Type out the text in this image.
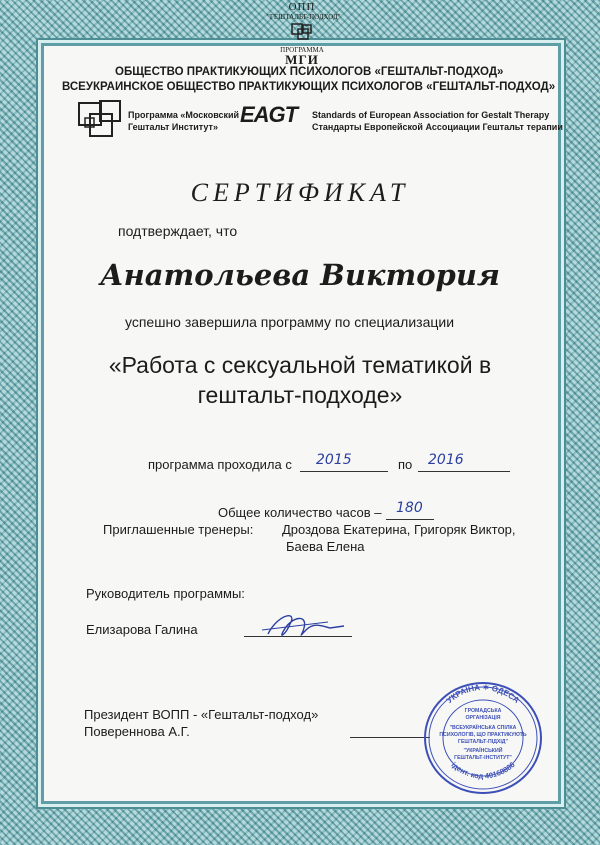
ОПП
"ГЕШТАЛЬТ-ПОДХОД"
ПРОГРАММА
МГИ
ОБЩЕСТВО ПРАКТИКУЮЩИХ ПСИХОЛОГОВ «ГЕШТАЛЬТ-ПОДХОД»
ВСЕУКРАИНСКОЕ ОБЩЕСТВО ПРАКТИКУЮЩИХ ПСИХОЛОГОВ «ГЕШТАЛЬТ-ПОДХОД»
Программа «Московский
Гештальт Институт» EAGT Standards of European Association for Gestalt Therapy
Стандарты Европейской Ассоциации Гештальт терапии
СЕРТИФИКАТ
подтверждает, что
Анатольева Виктория
успешно завершила программу по специализации
«Работа с сексуальной тематикой в
гештальт-подходе»
программа проходила с 2015	по 2016
Общее количество часов – 180
Приглашенные тренеры: Дроздова Екатерина, Григоряк Виктор,
Баева Елена
Руководитель программы:
Елизарова Галина
Президент ВОПП - «Гештальт-подход»
Поверенновa А.Г.
УКРАЇНА ✶ ОДЕСА
ідент. код 40168886
ГРОМАДСЬКА
ОРГАНІЗАЦІЯ
"ВСЕУКРАЇНСЬКА СПІЛКА
ПСИХОЛОГІВ, ЩО ПРАКТИКУЮТЬ
ГЕШТАЛЬТ-ПІДХІД"
"УКРАЇНСЬКИЙ
ГЕШТАЛЬТ-ІНСТИТУТ"
